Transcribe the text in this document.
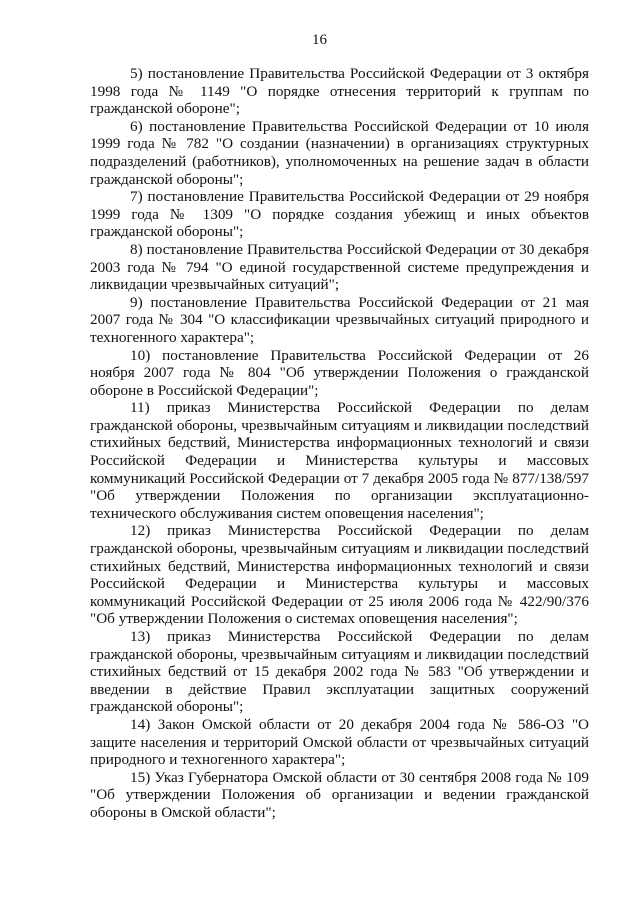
16

5) постановление Правительства Российской Федерации от 3 октября 1998 года № 1149 "О порядке отнесения территорий к группам по гражданской обороне";

6) постановление Правительства Российской Федерации от 10 июля 1999 года № 782 "О создании (назначении) в организациях структурных подразделений (работников), уполномоченных на решение задач в области гражданской обороны";

7) постановление Правительства Российской Федерации от 29 ноября 1999 года № 1309 "О порядке создания убежищ и иных объектов гражданской обороны";

8) постановление Правительства Российской Федерации от 30 декабря 2003 года № 794 "О единой государственной системе предупреждения и ликвидации чрезвычайных ситуаций";

9) постановление Правительства Российской Федерации от 21 мая 2007 года № 304 "О классификации чрезвычайных ситуаций природного и техногенного характера";

10) постановление Правительства Российской Федерации от 26 ноября 2007 года № 804 "Об утверждении Положения о гражданской обороне в Российской Федерации";

11) приказ Министерства Российской Федерации по делам гражданской обороны, чрезвычайным ситуациям и ликвидации последствий стихийных бедствий, Министерства информационных технологий и связи Российской Федерации и Министерства культуры и массовых коммуникаций Российской Федерации от 7 декабря 2005 года № 877/138/597 "Об утверждении Положения по организации эксплуатационно-технического обслуживания систем оповещения населения";

12) приказ Министерства Российской Федерации по делам гражданской обороны, чрезвычайным ситуациям и ликвидации последствий стихийных бедствий, Министерства информационных технологий и связи Российской Федерации и Министерства культуры и массовых коммуникаций Российской Федерации от 25 июля 2006 года № 422/90/376 "Об утверждении Положения о системах оповещения населения";

13) приказ Министерства Российской Федерации по делам гражданской обороны, чрезвычайным ситуациям и ликвидации последствий стихийных бедствий от 15 декабря 2002 года № 583 "Об утверждении и введении в действие Правил эксплуатации защитных сооружений гражданской обороны";

14) Закон Омской области от 20 декабря 2004 года № 586-ОЗ "О защите населения и территорий Омской области от чрезвычайных ситуаций природного и техногенного характера";

15) Указ Губернатора Омской области от 30 сентября 2008 года № 109 "Об утверждении Положения об организации и ведении гражданской обороны в Омской области";
